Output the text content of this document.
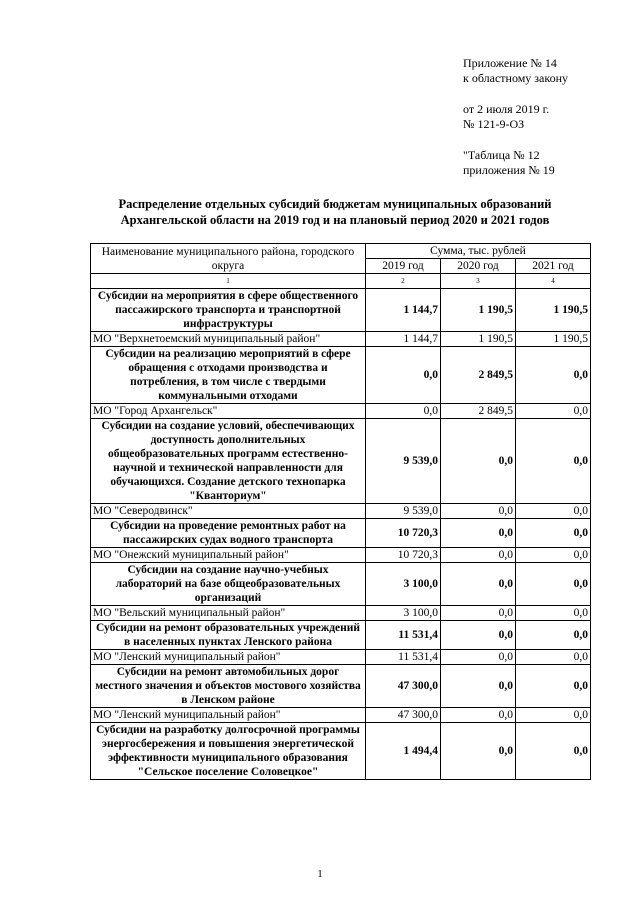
Приложение № 14
к областному закону
от 2 июля 2019 г.
№ 121-9-ОЗ
"Таблица № 12
приложения № 19
Распределение отдельных субсидий бюджетам муниципальных образований
Архангельской области на 2019 год и на плановый период 2020 и 2021 годов
Наименование муниципального района, городского округа	Сумма, тыс. рублей		
	2019 год	2020 год	2021 год
1	2	3	4
Субсидии на мероприятия в сфере общественного пассажирского транспорта и транспортной инфраструктуры	1 144,7	1 190,5	1 190,5
МО "Верхнетоемский муниципальный район"	1 144,7	1 190,5	1 190,5
Субсидии на реализацию мероприятий в сфере обращения с отходами производства и потребления, в том числе с твердыми коммунальными отходами	0,0	2 849,5	0,0
МО "Город Архангельск"	0,0	2 849,5	0,0
Субсидии на создание условий, обеспечивающих доступность дополнительных общеобразовательных программ естественно-научной и технической направленности для обучающихся. Создание детского технопарка "Кванториум"	9 539,0	0,0	0,0
МО "Северодвинск"	9 539,0	0,0	0,0
Субсидии на проведение ремонтных работ на пассажирских судах водного транспорта	10 720,3	0,0	0,0
МО "Онежский муниципальный район"	10 720,3	0,0	0,0
Субсидии на создание научно-учебных лабораторий на базе общеобразовательных организаций	3 100,0	0,0	0,0
МО "Вельский муниципальный район"	3 100,0	0,0	0,0
Субсидии на ремонт образовательных учреждений в населенных пунктах Ленского района	11 531,4	0,0	0,0
МО "Ленский муниципальный район"	11 531,4	0,0	0,0
Субсидии на ремонт автомобильных дорог местного значения и объектов мостового хозяйства в Ленском районе	47 300,0	0,0	0,0
МО "Ленский муниципальный район"	47 300,0	0,0	0,0
Субсидии на разработку долгосрочной программы энергосбережения и повышения энергетической эффективности муниципального образования "Сельское поселение Соловецкое"	1 494,4	0,0	0,0
1
